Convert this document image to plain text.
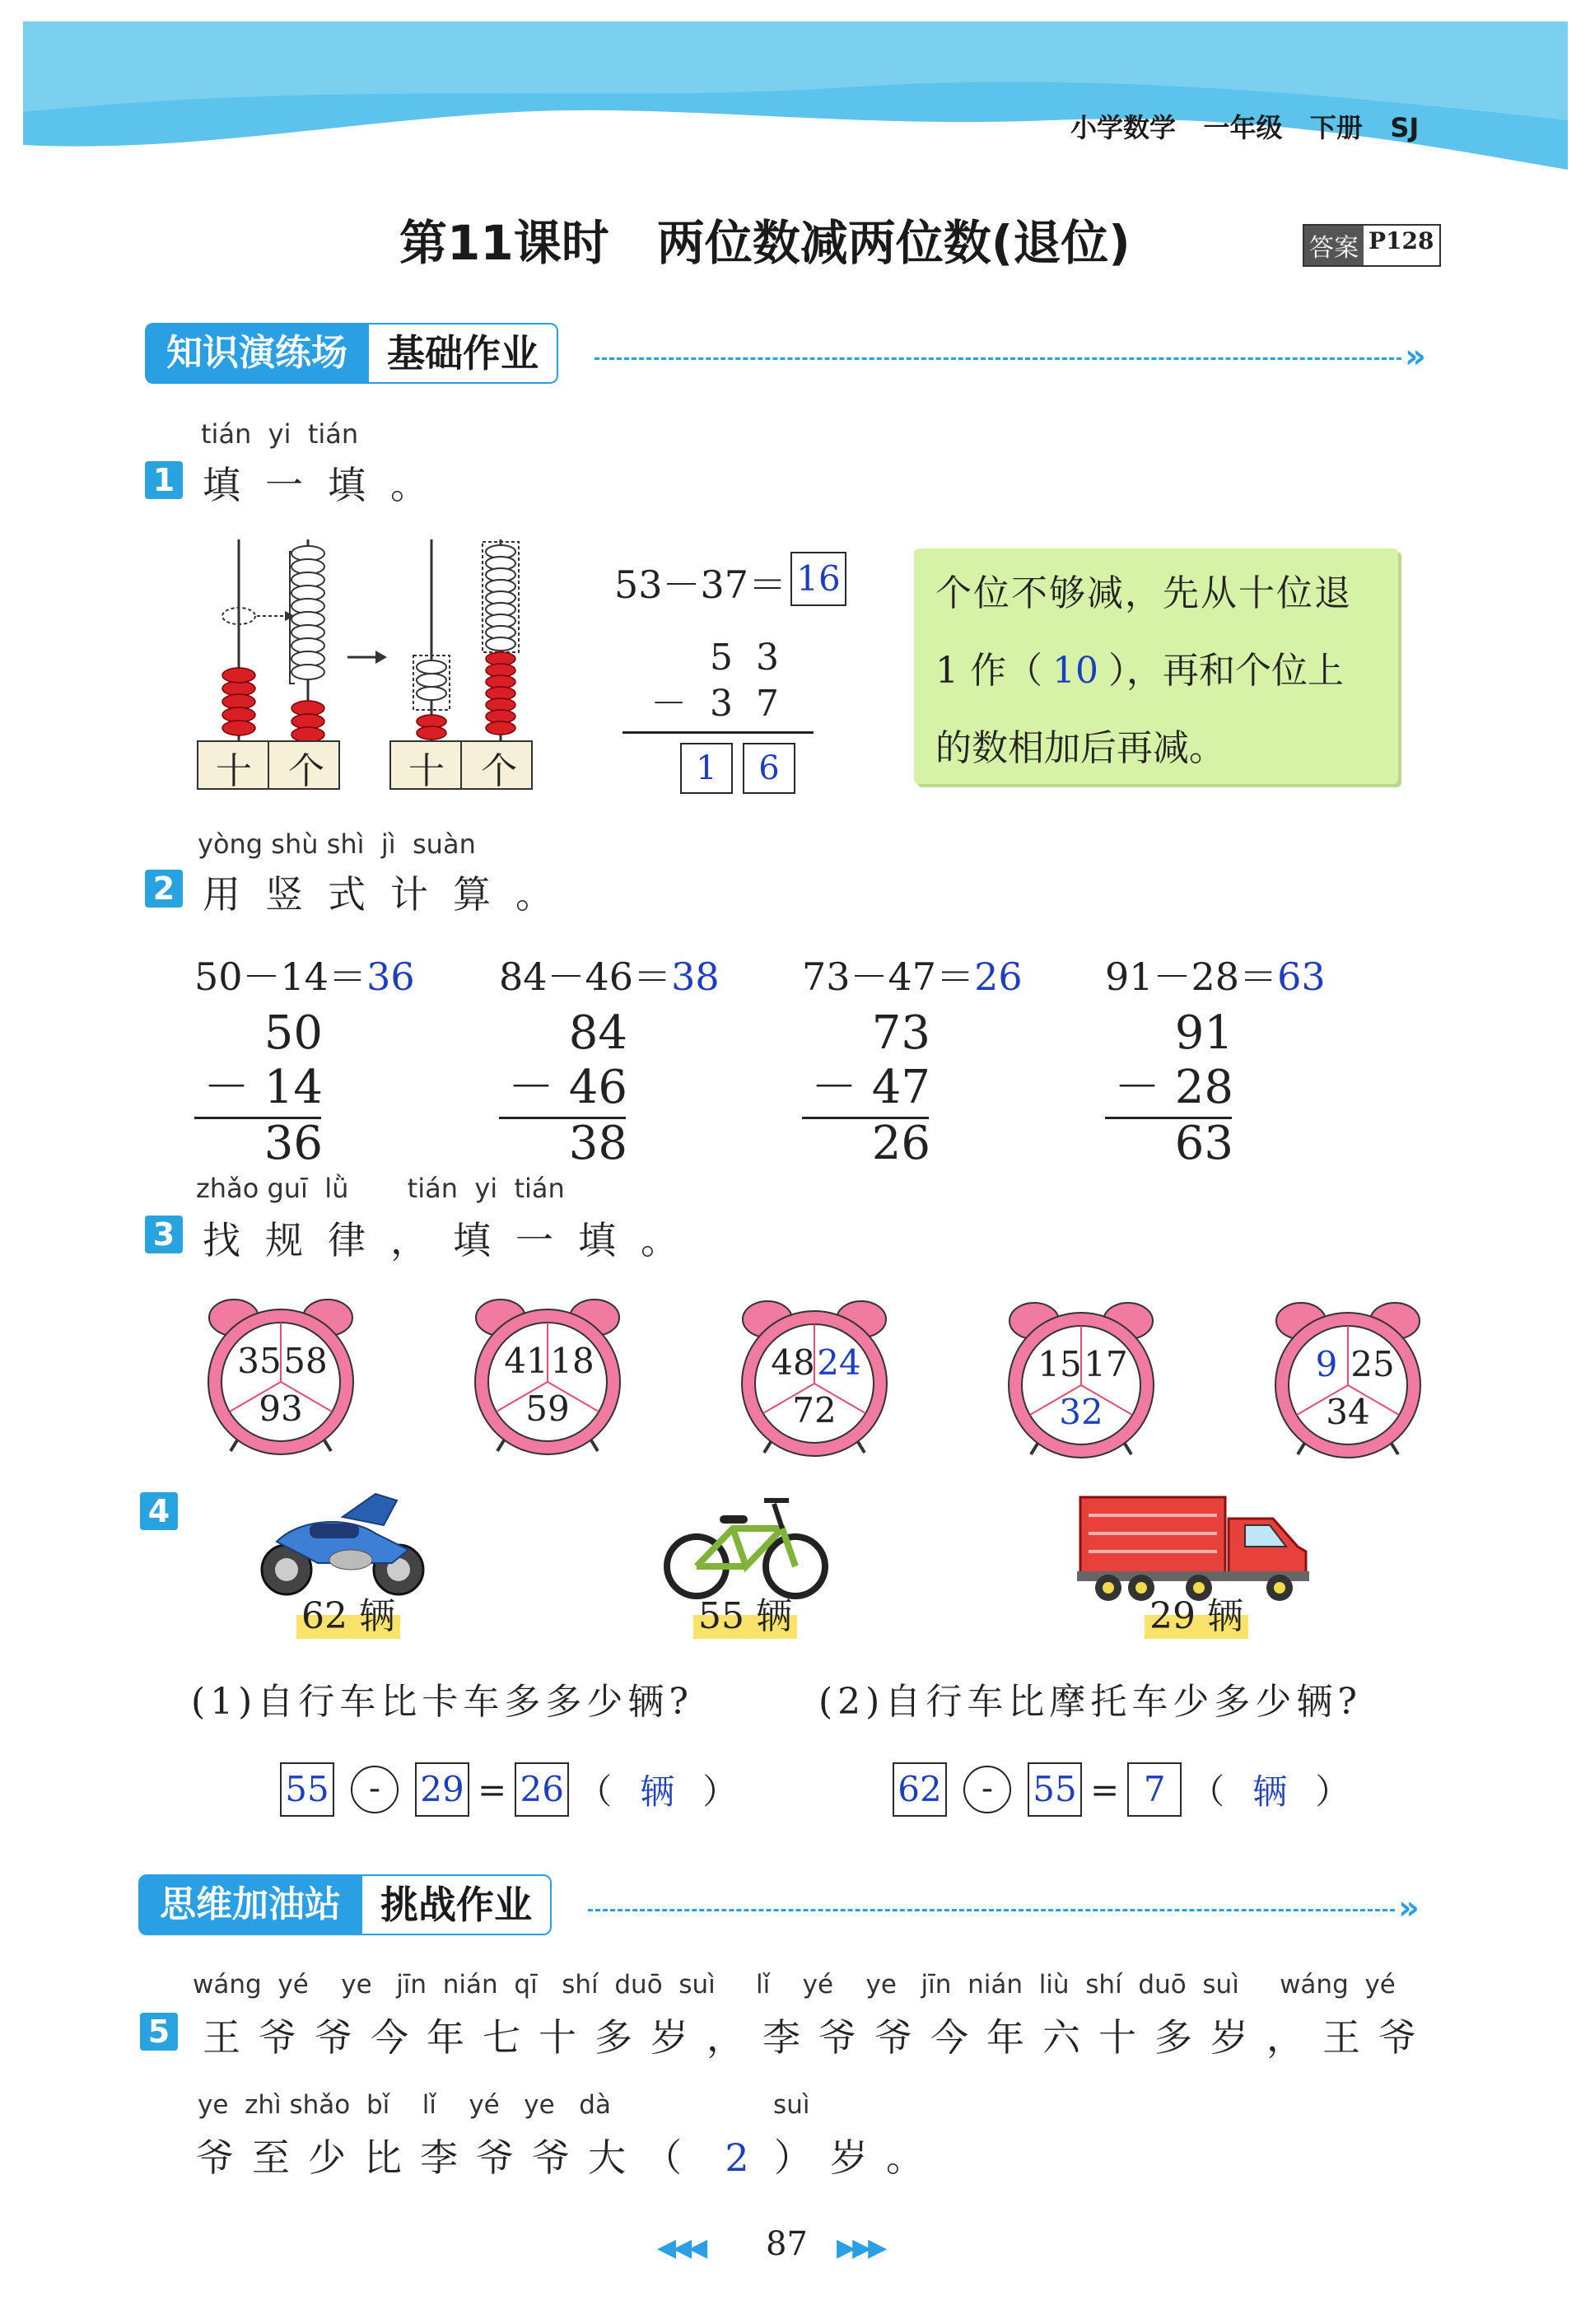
小学数学 一年级 下册 SJ
第11课时　两位数减两位数(退位)	答案 P128
知识演练场	基础作业	»
tián  yi  tián
1 填一填。
十 个 十 个
53－37＝ 16
5  3
－  3  7
1	6
个位不够减，先从十位退
1 作（ 10 ），再和个位上
的数相加后再减。
yòng shù shì  jì  suàn
2 用竖式计算。
50－14＝36
50
－ 14
36
84－46＝38
84
－ 46
38
73－47＝26
73
－ 47
26
91－28＝63
91
－ 28
63
zhǎo guī  lǜ       tián  yi  tián
3 找规律，填一填。
35 58
93
41 18
59
48 24
72
15 17
32
9 25
34
4
62 辆	55 辆	29 辆
(1)自行车比卡车多多少辆?	(2)自行车比摩托车少多少辆?
55	-	29 = 26 （ 辆 ）	62	-	55 = 7 （ 辆 ）
思维加油站	挑战作业	»
wáng  yé    ye   jīn  nián  qī   shí  duō  suì     lǐ    yé    ye   jīn  nián  liù  shí  duō  suì     wáng  yé
5 王爷爷今年七十多岁，李爷爷今年六十多岁，王爷
ye  zhì shǎo  bǐ    lǐ    yé   ye   dà                    suì
爷至少比李爷爷大（ 2 ）岁。
◀◀◀ 87 ▶▶▶
